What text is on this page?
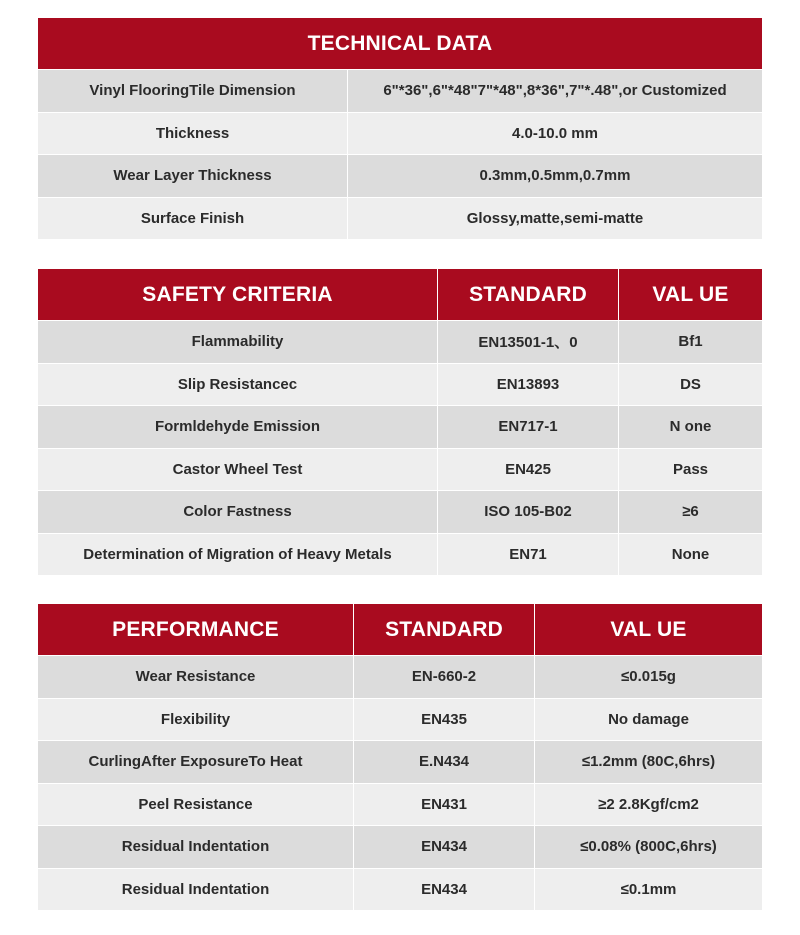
TECHNICAL DATA
Vinyl FlooringTile Dimension	6"*36",6"*48"7"*48",8*36",7"*.48",or Customized
Thickness	4.0-10.0 mm
Wear Layer Thickness	0.3mm,0.5mm,0.7mm
Surface Finish	Glossy,matte,semi-matte
SAFETY CRITERIA	STANDARD	VAL UE
Flammability	EN13501-1、0	Bf1
Slip Resistancec	EN13893	DS
Formldehyde Emission	EN717-1	N one
Castor Wheel Test	EN425	Pass
Color Fastness	ISO 105-B02	≥6
Determination of Migration of Heavy Metals	EN71	None
PERFORMANCE	STANDARD	VAL UE
Wear Resistance	EN-660-2	≤0.015g
Flexibility	EN435	No damage
CurlingAfter ExposureTo Heat	E.N434	≤1.2mm (80C,6hrs)
Peel Resistance	EN431	≥2 2.8Kgf/cm2
Residual Indentation	EN434	≤0.08% (800C,6hrs)
Residual Indentation	EN434	≤0.1mm
